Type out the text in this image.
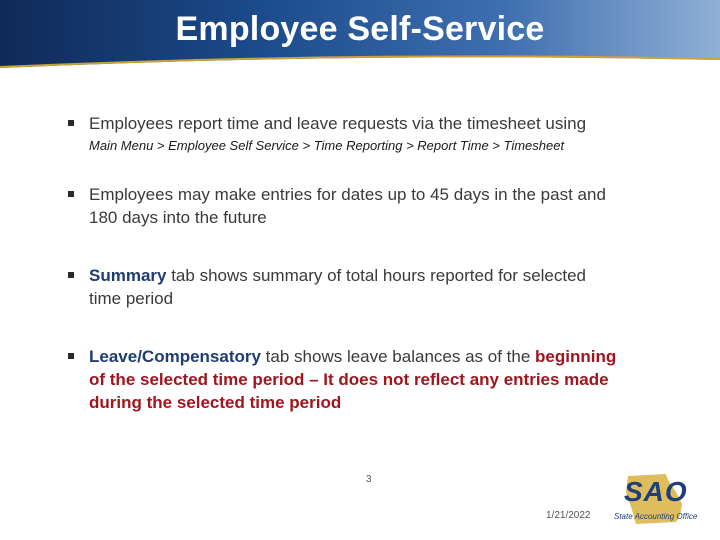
Employee Self-Service
Employees report time and leave requests via the timesheet using
Main Menu > Employee Self Service > Time Reporting > Report Time > Timesheet
Employees may make entries for dates up to 45 days in the past and
180 days into the future
Summary tab shows summary of total hours reported for selected
time period
Leave/Compensatory tab shows leave balances as of the beginning
of the selected time period – It does not reflect any entries made
during the selected time period
3
1/21/2022
SAO
State Accounting Office
